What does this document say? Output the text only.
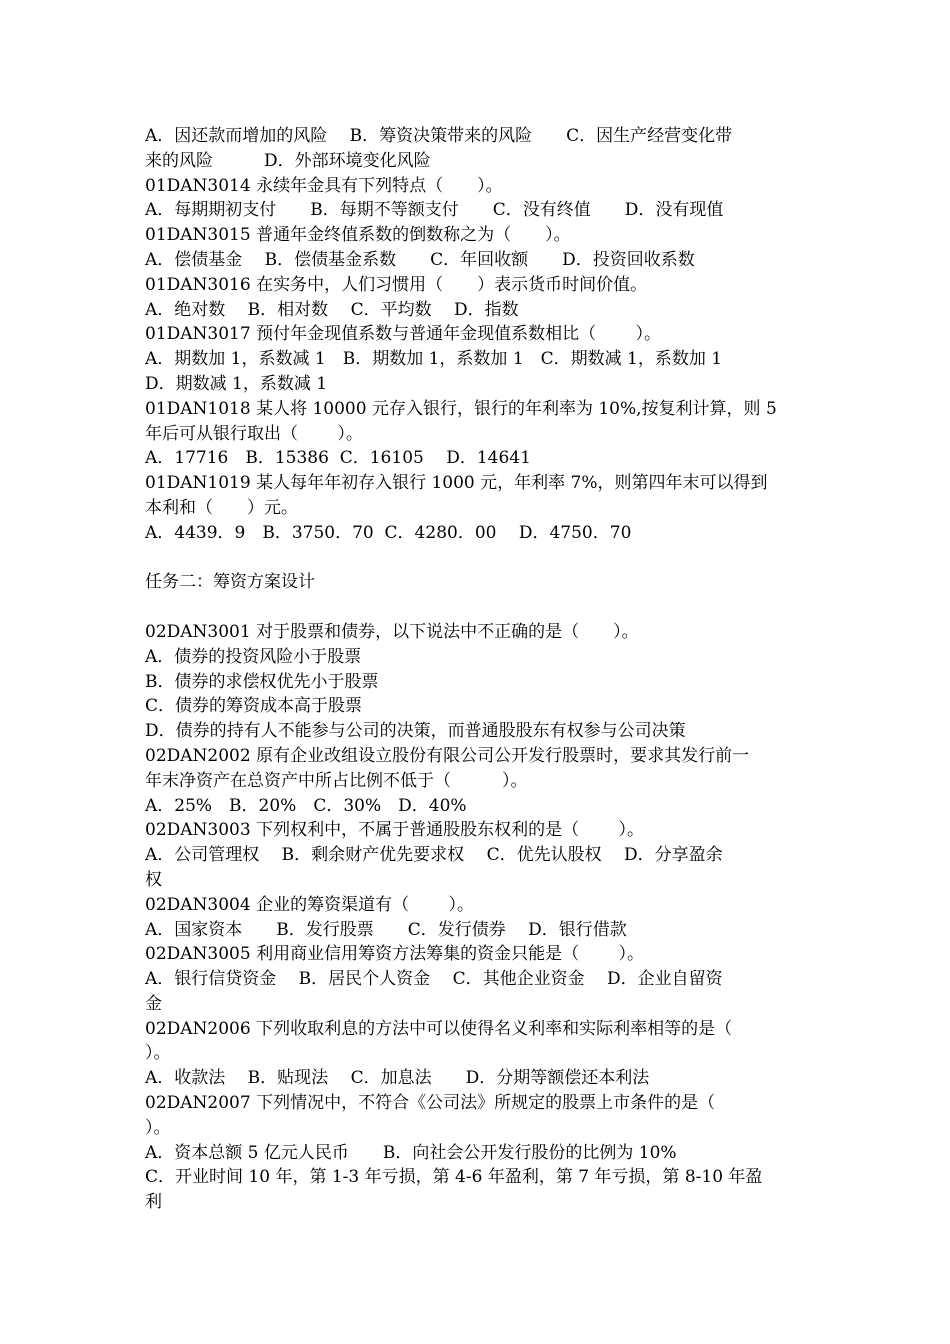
A．因还款而增加的风险　 B．筹资决策带来的风险　　C．因生产经营变化带
来的风险　　　D．外部环境变化风险
01DAN3014 永续年金具有下列特点（　　）。
A．每期期初支付　　B．每期不等额支付　　C．没有终值　　D．没有现值
01DAN3015 普通年金终值系数的倒数称之为（　　）。
A．偿债基金　 B．偿债基金系数　　C．年回收额　　D．投资回收系数
01DAN3016 在实务中，人们习惯用（　　）表示货币时间价值。
A．绝对数　 B．相对数　 C．平均数　 D．指数
01DAN3017 预付年金现值系数与普通年金现值系数相比（　　 ）。
A．期数加 1，系数减 1　B．期数加 1，系数加 1　C．期数减 1，系数加 1
D．期数减 1，系数减 1
01DAN1018 某人将 10000 元存入银行，银行的年利率为 10%,按复利计算，则 5
年后可从银行取出（　　 ）。
A．17716　B．15386  C．16105　 D．14641
01DAN1019 某人每年年初存入银行 1000 元，年利率 7%，则第四年末可以得到
本利和（　　）元。
A．4439．9　B．3750．70  C．4280．00　 D．4750．70
任务二：筹资方案设计
02DAN3001 对于股票和债券，以下说法中不正确的是（　　）。
A．债券的投资风险小于股票
B．债券的求偿权优先小于股票
C．债券的筹资成本高于股票
D．债券的持有人不能参与公司的决策，而普通股股东有权参与公司决策
02DAN2002 原有企业改组设立股份有限公司公开发行股票时，要求其发行前一
年末净资产在总资产中所占比例不低于（　　　）。
A．25%　B．20%　C．30%　D．40%
02DAN3003 下列权利中，不属于普通股股东权利的是（　　 ）。
A．公司管理权　 B．剩余财产优先要求权　 C．优先认股权　 D．分享盈余
权
02DAN3004 企业的筹资渠道有（　　 ）。
A．国家资本　　B．发行股票　　C．发行债券　 D．银行借款
02DAN3005 利用商业信用筹资方法筹集的资金只能是（　　 ）。
A．银行信贷资金　 B．居民个人资金　 C．其他企业资金　 D．企业自留资
金
02DAN2006 下列收取利息的方法中可以使得名义利率和实际利率相等的是（
）。
A．收款法　 B．贴现法　 C．加息法　　D．分期等额偿还本利法
02DAN2007 下列情况中，不符合《公司法》所规定的股票上市条件的是（
）。
A．资本总额 5 亿元人民币　　B．向社会公开发行股份的比例为 10%
C．开业时间 10 年，第 1-3 年亏损，第 4-6 年盈利，第 7 年亏损，第 8-10 年盈
利
